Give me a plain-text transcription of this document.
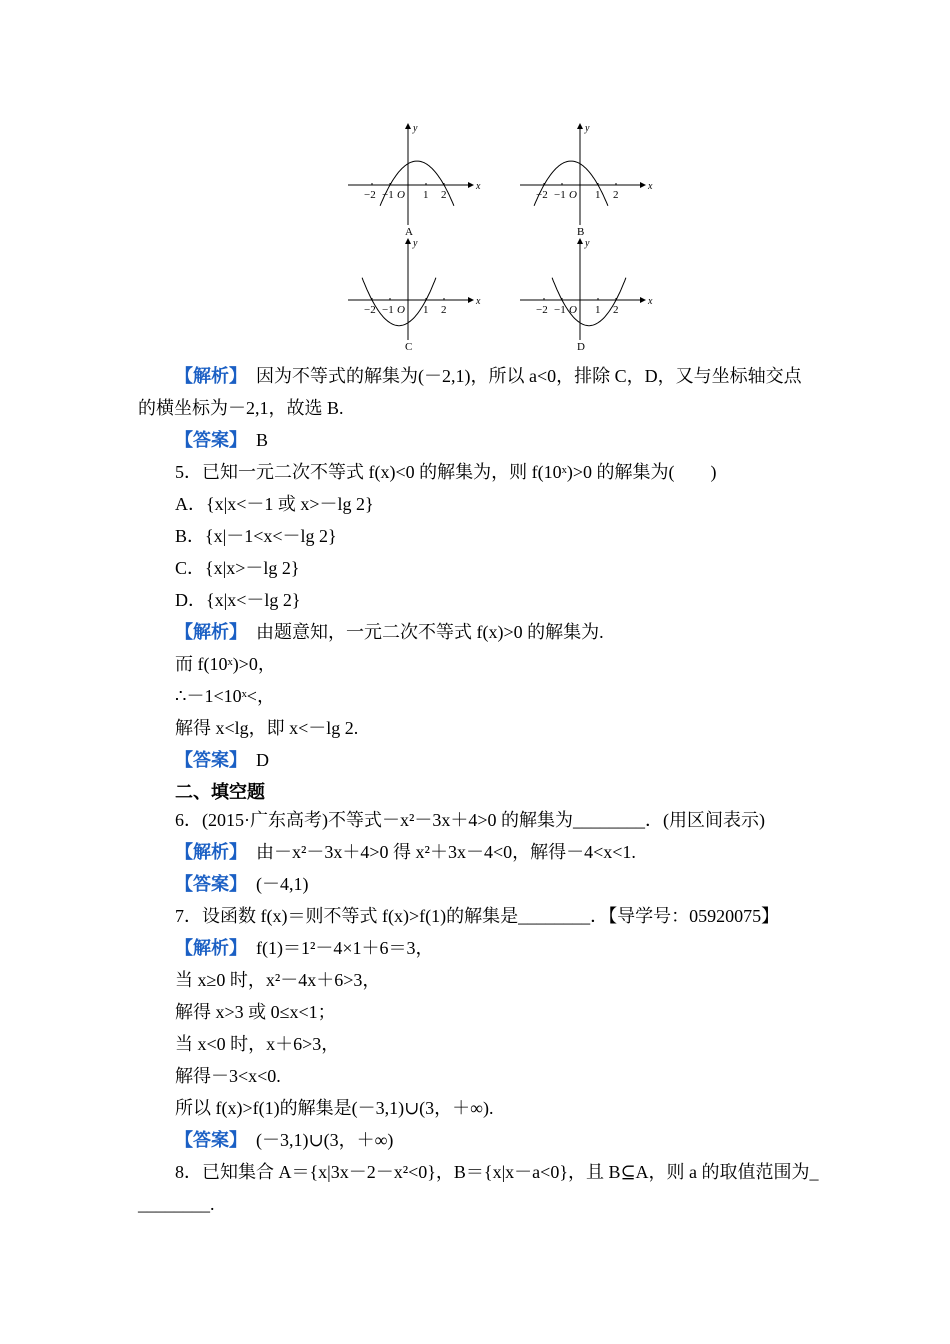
x
y
O
−2 −1	1 2
A
x
y
O
−2 −1	1 2
B
x
y
O
−2 −1	1 2
C
x
y
O
−2 −1	1 2
D
【解析】　因为不等式的解集为(－2,1)，所以 a<0，排除 C，D，又与坐标轴交点
的横坐标为－2,1，故选 B.
【答案】　B
5．已知一元二次不等式 f(x)<0 的解集为，则 f(10ˣ)>0 的解集为(　　)
A．{x|x<－1 或 x>－lg 2}
B．{x|－1<x<－lg 2}
C．{x|x>－lg 2}
D．{x|x<－lg 2}
【解析】　由题意知，一元二次不等式 f(x)>0 的解集为.
而 f(10ˣ)>0，
∴－1<10ˣ<，
解得 x<lg，即 x<－lg 2.
【答案】　D
二、填空题
6．(2015·广东高考)不等式－x²－3x＋4>0 的解集为________．(用区间表示)
【解析】　由－x²－3x＋4>0 得 x²＋3x－4<0，解得－4<x<1.
【答案】　(－4,1)
7．设函数 f(x)＝则不等式 f(x)>f(1)的解集是________．【导学号：05920075】
【解析】　f(1)＝1²－4×1＋6＝3，
当 x≥0 时，x²－4x＋6>3，
解得 x>3 或 0≤x<1；
当 x<0 时，x＋6>3，
解得－3<x<0.
所以 f(x)>f(1)的解集是(－3,1)∪(3，＋∞).
【答案】　(－3,1)∪(3，＋∞)
8．已知集合 A＝{x|3x－2－x²<0}，B＝{x|x－a<0}，且 B⊆A，则 a 的取值范围为_
________.
